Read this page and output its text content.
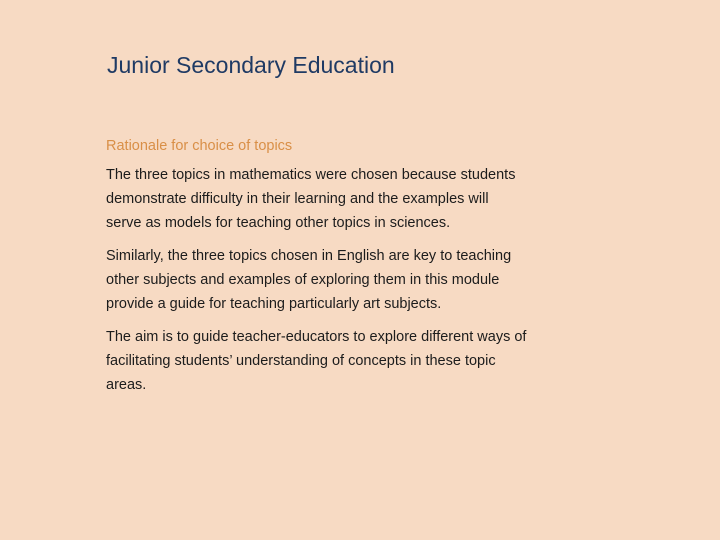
Junior Secondary Education

Rationale for choice of topics

The three topics in mathematics were chosen because students
demonstrate difficulty in their learning and the examples will
serve as models for teaching other topics in sciences.

Similarly, the three topics chosen in English are key to teaching
other subjects and examples of exploring them in this module
provide a guide for teaching particularly art subjects.

The aim is to guide teacher-educators to explore different ways of
facilitating students’ understanding of concepts in these topic
areas.
